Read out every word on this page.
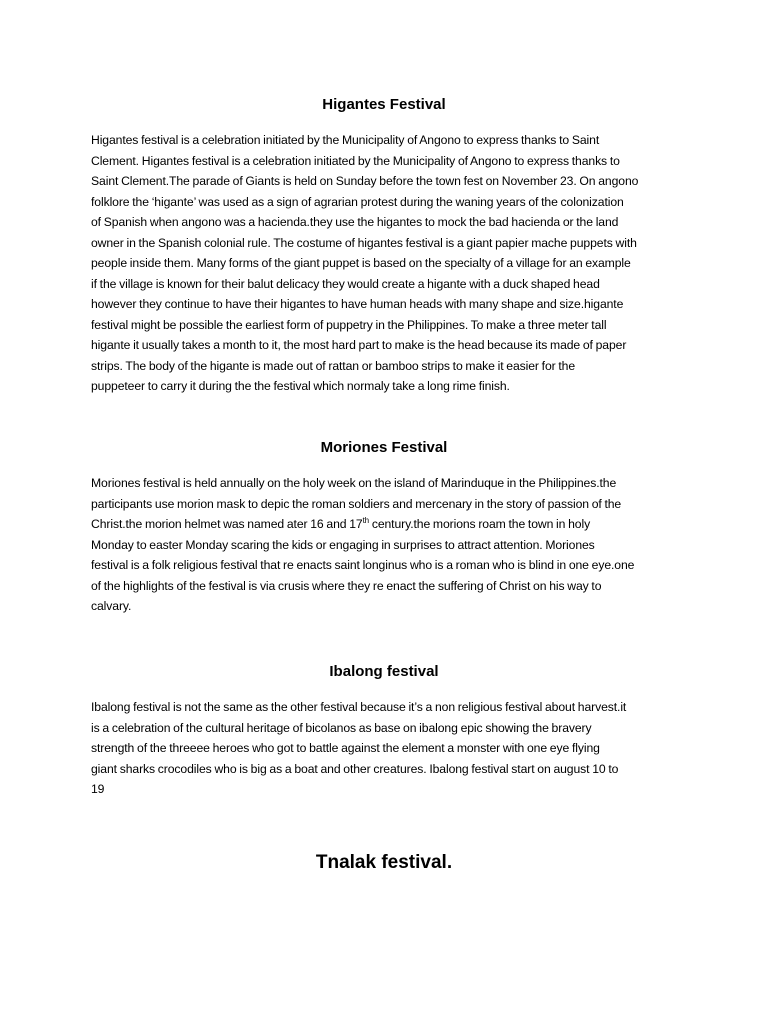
Higantes Festival

Higantes festival is a celebration initiated by the Municipality of Angono to express thanks to Saint
Clement. Higantes festival is a celebration initiated by the Municipality of Angono to express thanks to
Saint Clement.The parade of Giants is held on Sunday before the town fest on November 23. On angono
folklore the ‘higante’ was used as a sign of agrarian protest during the waning years of the colonization
of Spanish when angono was a hacienda.they use the higantes to mock the bad hacienda or the land
owner in the Spanish colonial rule. The costume of higantes festival is a giant papier mache puppets with
people inside them. Many forms of the giant puppet is based on the specialty of a village for an example
if the village is known for their balut delicacy they would create a higante with a duck shaped head
however they continue to have their higantes to have human heads with many shape and size.higante
festival might be possible the earliest form of puppetry in the Philippines. To make a three meter tall
higante it usually takes a month to it, the most hard part to make is the head because its made of paper
strips. The body of the higante is made out of rattan or bamboo strips to make it easier for the
puppeteer to carry it during the the festival which normaly take a long rime finish.

Moriones Festival

Moriones festival is held annually on the holy week on the island of Marinduque in the Philippines.the
participants use morion mask to depic the roman soldiers and mercenary in the story of passion of the
Christ.the morion helmet was named ater 16 and 17th century.the morions roam the town in holy
Monday to easter Monday scaring the kids or engaging in surprises to attract attention. Moriones
festival is a folk religious festival that re enacts saint longinus who is a roman who is blind in one eye.one
of the highlights of the festival is via crusis where they re enact the suffering of Christ on his way to
calvary.

Ibalong festival

Ibalong festival is not the same as the other festival because it’s a non religious festival about harvest.it
is a celebration of the cultural heritage of bicolanos as base on ibalong epic showing the bravery
strength of the threeee heroes who got to battle against the element a monster with one eye flying
giant sharks crocodiles who is big as a boat and other creatures. Ibalong festival start on august 10 to
19

Tnalak festival.
